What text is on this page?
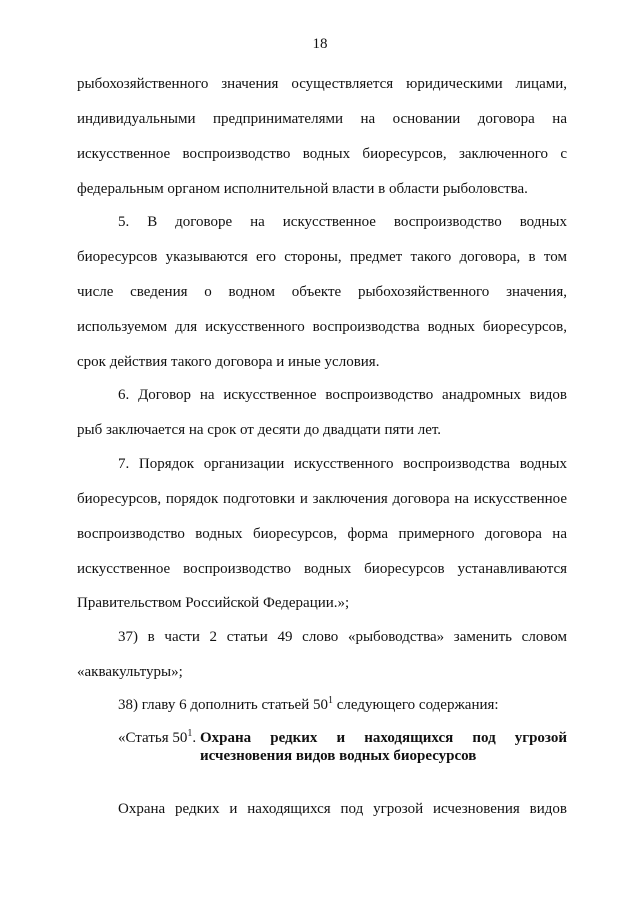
18
рыбохозяйственного значения осуществляется юридическими лицами,
индивидуальными предпринимателями на основании договора на
искусственное воспроизводство водных биоресурсов, заключенного с
федеральным органом исполнительной власти в области рыболовства.
5. В договоре на искусственное воспроизводство водных
биоресурсов указываются его стороны, предмет такого договора, в том
числе сведения о водном объекте рыбохозяйственного значения,
используемом для искусственного воспроизводства водных биоресурсов,
срок действия такого договора и иные условия.
6. Договор на искусственное воспроизводство анадромных видов
рыб заключается на срок от десяти до двадцати пяти лет.
7. Порядок организации искусственного воспроизводства водных
биоресурсов, порядок подготовки и заключения договора на искусственное
воспроизводство водных биоресурсов, форма примерного договора на
искусственное воспроизводство водных биоресурсов устанавливаются
Правительством Российской Федерации.»;
37) в части 2 статьи 49 слово «рыбоводства» заменить словом
«аквакультуры»;
38) главу 6 дополнить статьей $50^1$ следующего содержания:
«Статья $50^1$. Охрана редких и находящихся под угрозой
исчезновения видов водных биоресурсов
Охрана редких и находящихся под угрозой исчезновения видов
